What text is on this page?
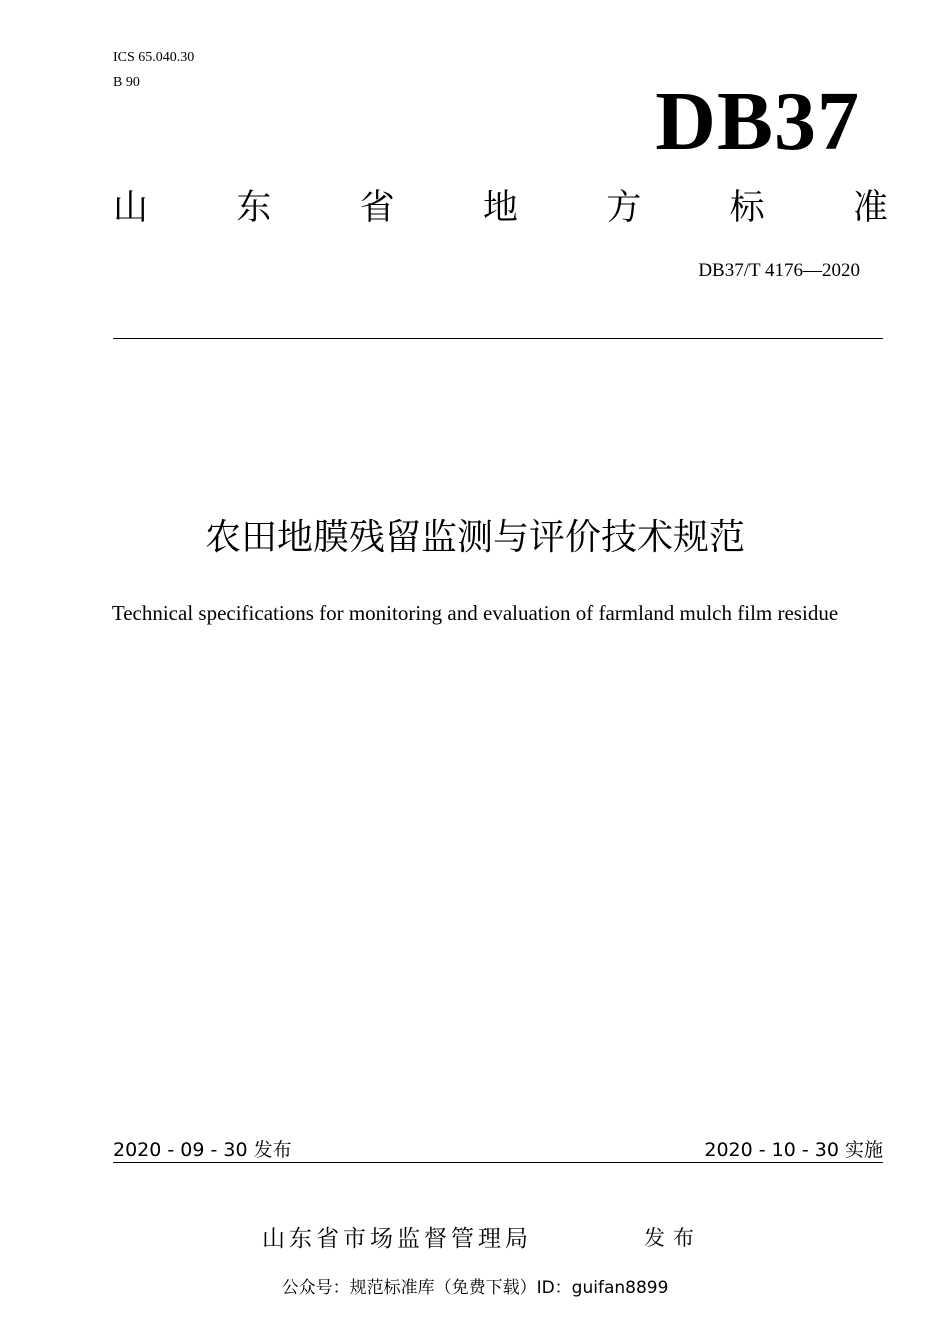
ICS 65.040.30
B 90	DB37
山	东	省	地	方	标	准
DB37/T 4176—2020
农田地膜残留监测与评价技术规范
Technical specifications for monitoring and evaluation of farmland mulch film residue
2020 - 09 - 30 发布	2020 - 10 - 30 实施
山东省市场监督管理局	发布
公众号：规范标准库（免费下载）ID：guifan8899
